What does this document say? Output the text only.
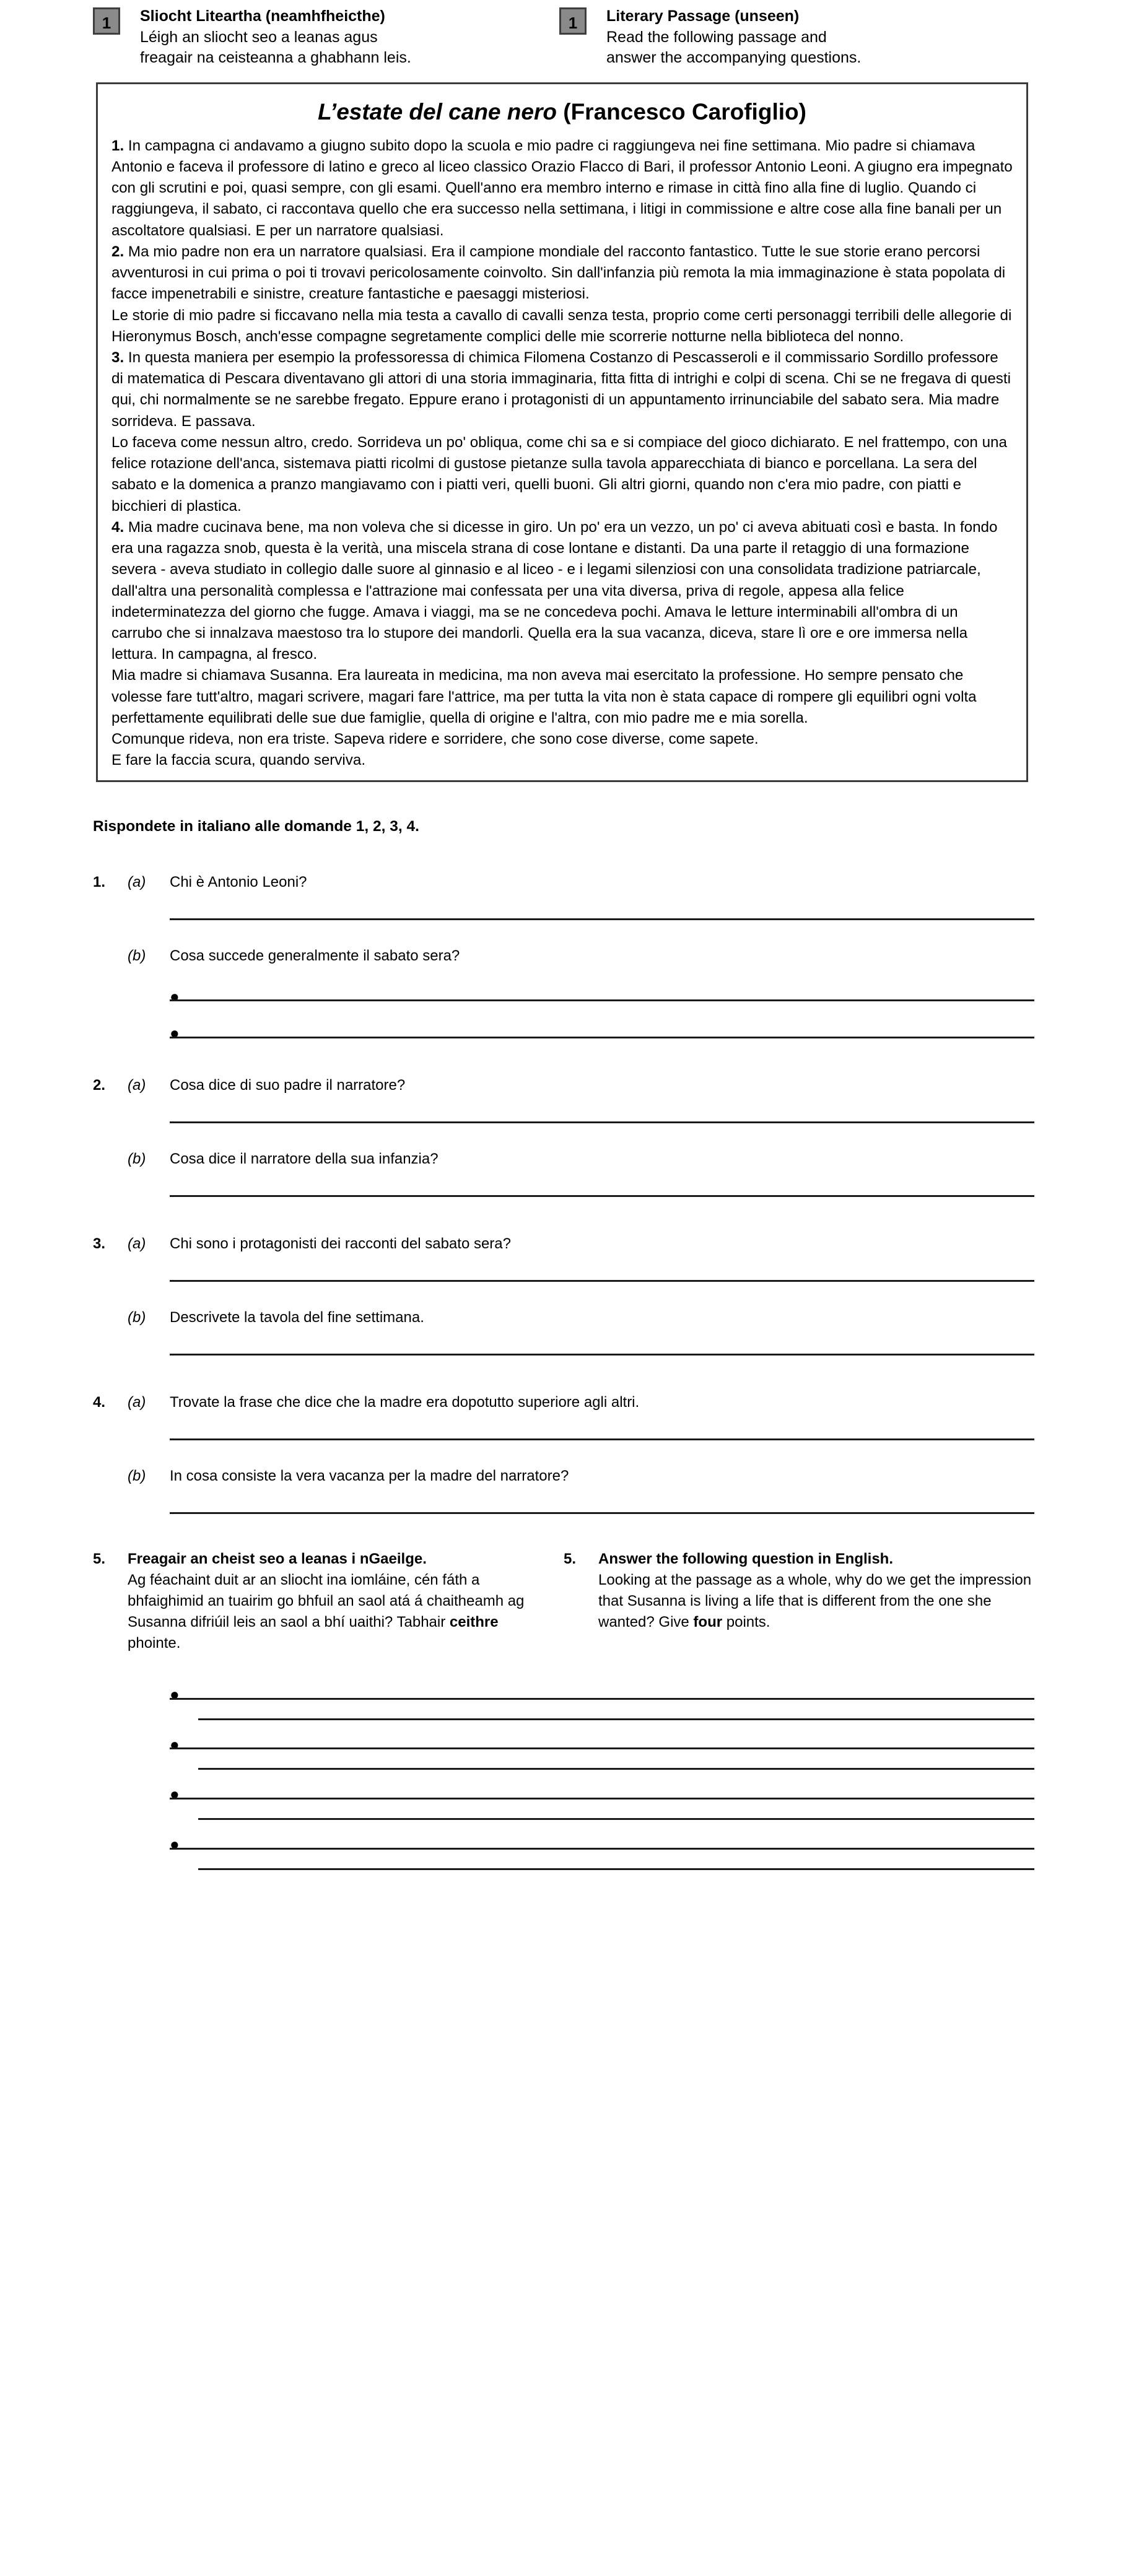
1	Sliocht Liteartha (neamhfheicthe)
Léigh an sliocht seo a leanas agus
freagair na ceisteanna a ghabhann leis.
1	Literary Passage (unseen)
Read the following passage and
answer the accompanying questions.
L’estate del cane nero (Francesco Carofiglio)
1. In campagna ci andavamo a giugno subito dopo la scuola e mio padre ci raggiungeva nei fine settimana. Mio padre si chiamava Antonio e faceva il professore di latino e greco al liceo classico Orazio Flacco di Bari, il professor Antonio Leoni. A giugno era impegnato con gli scrutini e poi, quasi sempre, con gli esami. Quell'anno era membro interno e rimase in città fino alla fine di luglio. Quando ci raggiungeva, il sabato, ci raccontava quello che era successo nella settimana, i litigi in commissione e altre cose alla fine banali per un ascoltatore qualsiasi. E per un narratore qualsiasi.
2. Ma mio padre non era un narratore qualsiasi. Era il campione mondiale del racconto fantastico. Tutte le sue storie erano percorsi avventurosi in cui prima o poi ti trovavi pericolosamente coinvolto. Sin dall'infanzia più remota la mia immaginazione è stata popolata di facce impenetrabili e sinistre, creature fantastiche e paesaggi misteriosi.
Le storie di mio padre si ficcavano nella mia testa a cavallo di cavalli senza testa, proprio come certi personaggi terribili delle allegorie di Hieronymus Bosch, anch'esse compagne segretamente complici delle mie scorrerie notturne nella biblioteca del nonno.
3. In questa maniera per esempio la professoressa di chimica Filomena Costanzo di Pescasseroli e il commissario Sordillo professore di matematica di Pescara diventavano gli attori di una storia immaginaria, fitta fitta di intrighi e colpi di scena. Chi se ne fregava di questi qui, chi normalmente se ne sarebbe fregato. Eppure erano i protagonisti di un appuntamento irrinunciabile del sabato sera. Mia madre sorrideva. E passava.
Lo faceva come nessun altro, credo. Sorrideva un po' obliqua, come chi sa e si compiace del gioco dichiarato. E nel frattempo, con una felice rotazione dell'anca, sistemava piatti ricolmi di gustose pietanze sulla tavola apparecchiata di bianco e porcellana. La sera del sabato e la domenica a pranzo mangiavamo con i piatti veri, quelli buoni. Gli altri giorni, quando non c'era mio padre, con piatti e bicchieri di plastica.
4. Mia madre cucinava bene, ma non voleva che si dicesse in giro. Un po' era un vezzo, un po' ci aveva abituati così e basta. In fondo era una ragazza snob, questa è la verità, una miscela strana di cose lontane e distanti. Da una parte il retaggio di una formazione severa - aveva studiato in collegio dalle suore al ginnasio e al liceo - e i legami silenziosi con una consolidata tradizione patriarcale, dall'altra una personalità complessa e l'attrazione mai confessata per una vita diversa, priva di regole, appesa alla felice indeterminatezza del giorno che fugge. Amava i viaggi, ma se ne concedeva pochi. Amava le letture interminabili all'ombra di un carrubo che si innalzava maestoso tra lo stupore dei mandorli. Quella era la sua vacanza, diceva, stare lì ore e ore immersa nella lettura. In campagna, al fresco.
Mia madre si chiamava Susanna. Era laureata in medicina, ma non aveva mai esercitato la professione. Ho sempre pensato che volesse fare tutt'altro, magari scrivere, magari fare l'attrice, ma per tutta la vita non è stata capace di rompere gli equilibri ogni volta perfettamente equilibrati delle sue due famiglie, quella di origine e l'altra, con mio padre me e mia sorella.
Comunque rideva, non era triste. Sapeva ridere e sorridere, che sono cose diverse, come sapete.
E fare la faccia scura, quando serviva.
Rispondete in italiano alle domande 1, 2, 3, 4.
1.	(a)	Chi è Antonio Leoni?
(b)	Cosa succede generalmente il sabato sera?
●
●
2.	(a)	Cosa dice di suo padre il narratore?
(b)	Cosa dice il narratore della sua infanzia?
3.	(a)	Chi sono i protagonisti dei racconti del sabato sera?
(b)	Descrivete la tavola del fine settimana.
4.	(a)	Trovate la frase che dice che la madre era dopotutto superiore agli altri.
(b)	In cosa consiste la vera vacanza per la madre del narratore?
5.	Freagair an cheist seo a leanas i nGaeilge.
Ag féachaint duit ar an sliocht ina iomláine, cén fáth a bhfaighimid an tuairim go bhfuil an saol atá á chaitheamh ag Susanna difriúil leis an saol a bhí uaithi? Tabhair ceithre phointe.
5.	Answer the following question in English.
Looking at the passage as a whole, why do we get the impression that Susanna is living a life that is different from the one she wanted? Give four points.
●
●
●
●
